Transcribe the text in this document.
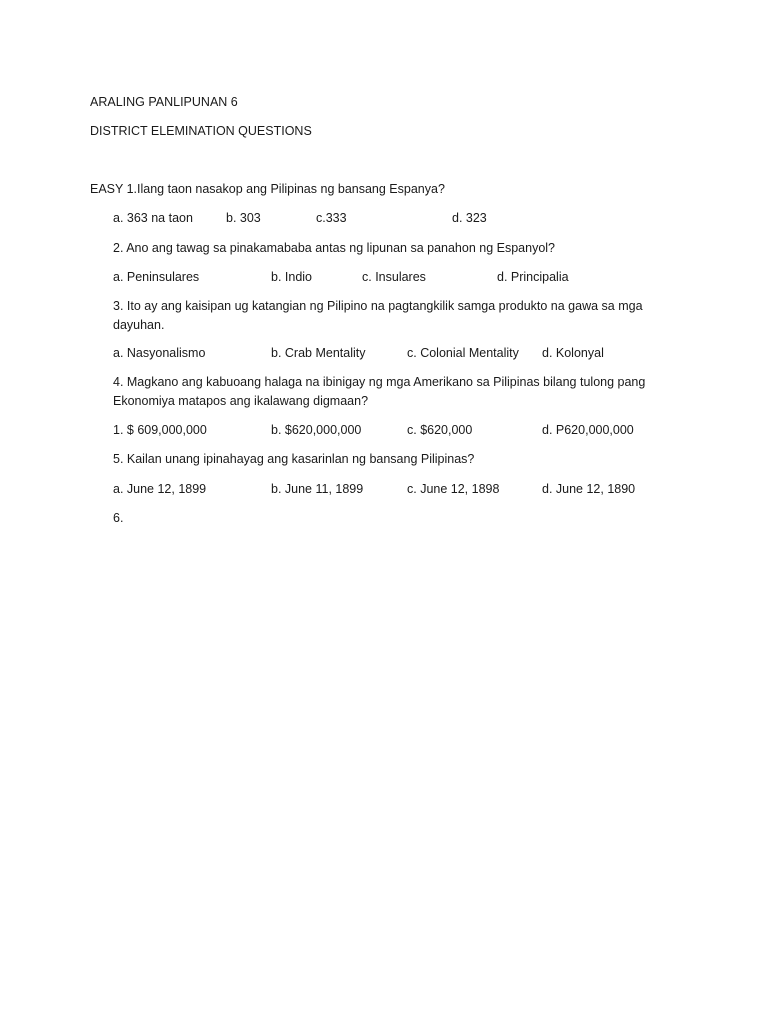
ARALING PANLIPUNAN 6
DISTRICT ELEMINATION QUESTIONS
EASY 1.Ilang taon nasakop ang Pilipinas ng bansang Espanya?
a. 363 na taon	b. 303	c.333	d. 323
2. Ano ang tawag sa pinakamababa antas ng lipunan sa panahon ng Espanyol?
a. Peninsulares	b. Indio	c. Insulares	d. Principalia
3. Ito ay ang kaisipan ug katangian ng Pilipino na pagtangkilik samga produkto na gawa sa mga dayuhan.
a. Nasyonalismo	b. Crab Mentality	c. Colonial Mentality d. Kolonyal
4. Magkano ang kabuoang halaga na ibinigay ng mga Amerikano sa Pilipinas bilang tulong pang Ekonomiya matapos ang ikalawang digmaan?
1. $ 609,000,000	b. $620,000,000	c. $620,000	d. P620,000,000
5. Kailan unang ipinahayag ang kasarinlan ng bansang Pilipinas?
a. June 12, 1899	b. June 11, 1899	c. June 12, 1898	d. June 12, 1890
6.
